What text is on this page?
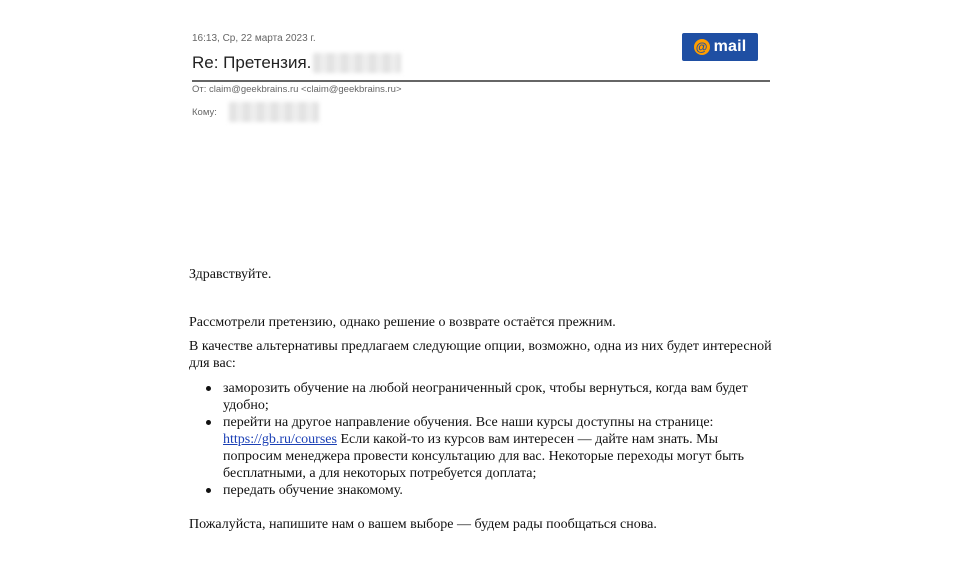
16:13, Ср, 22 марта 2023 г.
Re: Претензия.
@ mail
От: claim@geekbrains.ru <claim@geekbrains.ru>
Кому:

Здравствуйте.

Рассмотрели претензию, однако решение о возврате остаётся прежним.

В качестве альтернативы предлагаем следующие опции, возможно, одна из них будет интересной для вас:

заморозить обучение на любой неограниченный срок, чтобы вернуться, когда вам будет удобно;
перейти на другое направление обучения. Все наши курсы доступны на странице: https://gb.ru/courses Если какой-то из курсов вам интересен — дайте нам знать. Мы попросим менеджера провести консультацию для вас. Некоторые переходы могут быть бесплатными, а для некоторых потребуется доплата;
передать обучение знакомому.

Пожалуйста, напишите нам о вашем выборе — будем рады пообщаться снова.
